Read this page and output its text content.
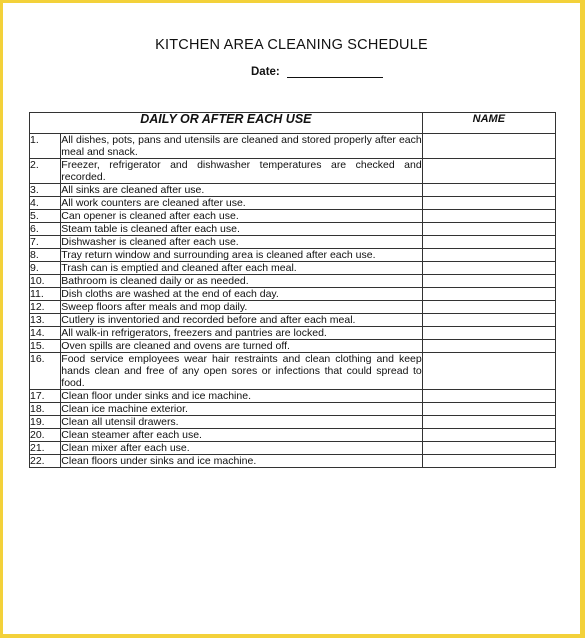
KITCHEN AREA CLEANING SCHEDULE
Date:
DAILY OR AFTER EACH USE		NAME
1.	All dishes, pots, pans and utensils are cleaned and stored properly after each meal and snack.	
2.	Freezer, refrigerator and dishwasher temperatures are checked and recorded.	
3.	All sinks are cleaned after use.	
4.	All work counters are cleaned after use.	
5.	Can opener is cleaned after each use.	
6.	Steam table is cleaned after each use.	
7.	Dishwasher is cleaned after each use.	
8.	Tray return window and surrounding area is cleaned after each use.	
9.	Trash can is emptied and cleaned after each meal.	
10.	Bathroom is cleaned daily or as needed.	
11.	Dish cloths are washed at the end of each day.	
12.	Sweep floors after meals and mop daily.	
13.	Cutlery is inventoried and recorded before and after each meal.	
14.	All walk-in refrigerators, freezers and pantries are locked.	
15.	Oven spills are cleaned and ovens are turned off.	
16.	Food service employees wear hair restraints and clean clothing and keep hands clean and free of any open sores or infections that could spread to food.	
17.	Clean floor under sinks and ice machine.	
18.	Clean ice machine exterior.	
19.	Clean all utensil drawers.	
20.	Clean steamer after each use.	
21.	Clean mixer after each use.	
22.	Clean floors under sinks and ice machine.	
